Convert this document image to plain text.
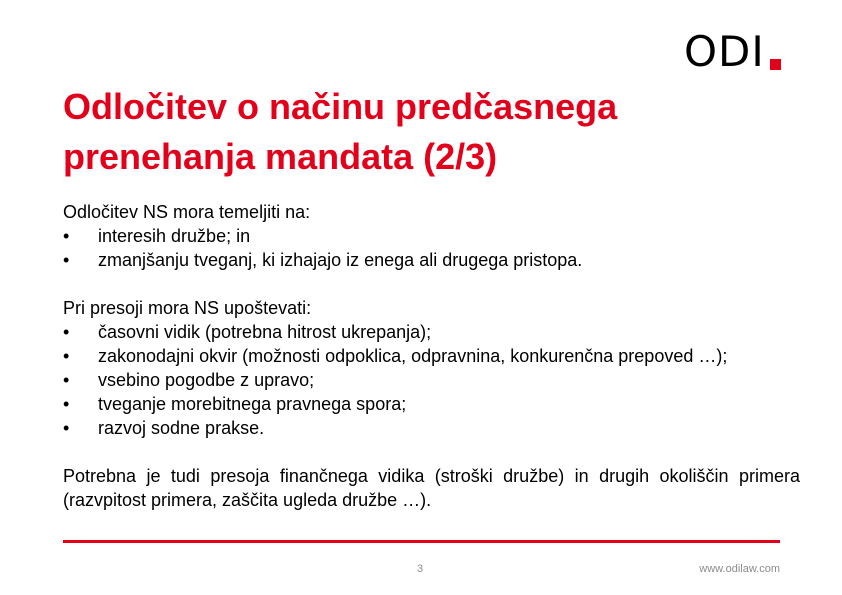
ODI
Odločitev o načinu predčasnega prenehanja mandata (2/3)

Odločitev NS mora temeljiti na:

• interesih družbe; in
• zmanjšanju tveganj, ki izhajajo iz enega ali drugega pristopa.

Pri presoji mora NS upoštevati:

• časovni vidik (potrebna hitrost ukrepanja);
• zakonodajni okvir (možnosti odpoklica, odpravnina, konkurenčna prepoved …);
• vsebino pogodbe z upravo;
• tveganje morebitnega pravnega spora;
• razvoj sodne prakse.

Potrebna je tudi presoja finančnega vidika (stroški družbe) in drugih okoliščin primera (razvpitost primera, zaščita ugleda družbe …).

3	www.odilaw.com
